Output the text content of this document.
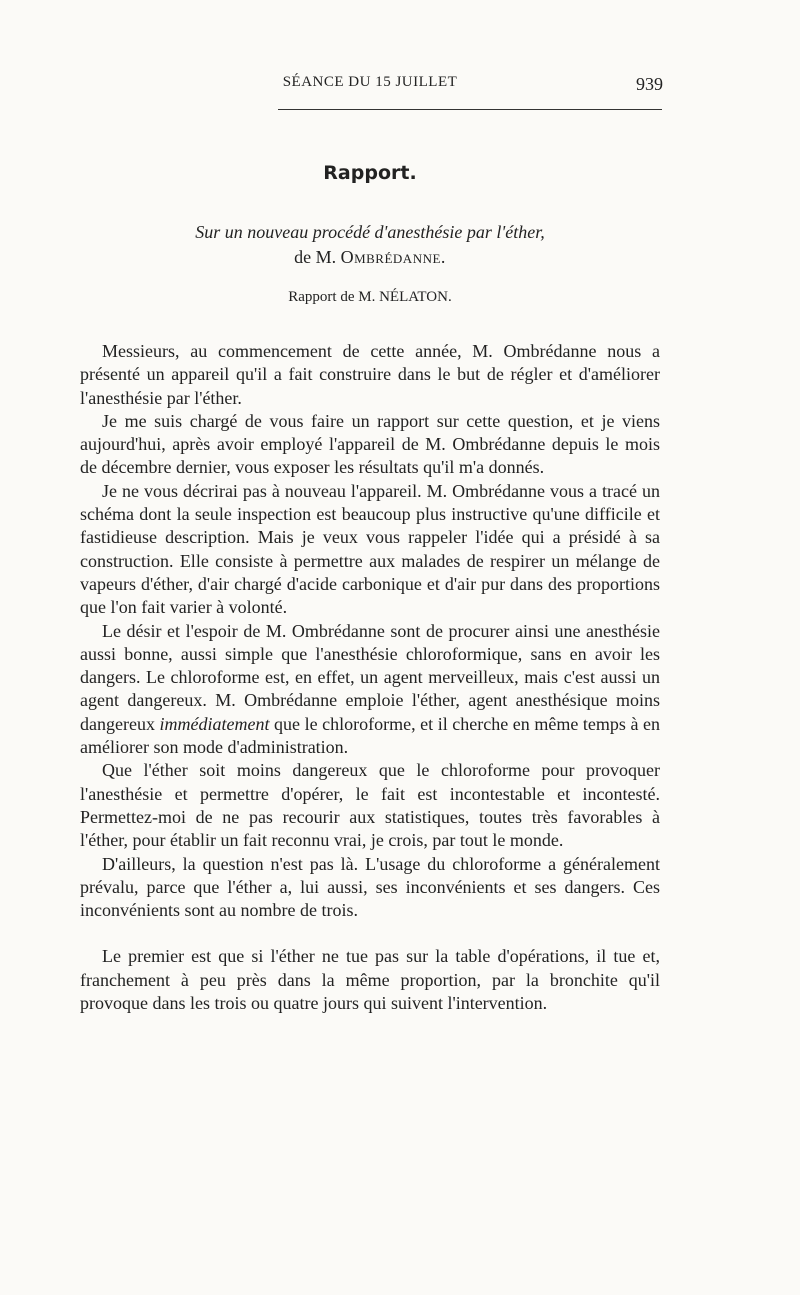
SÉANCE DU 15 JUILLET	939
Rapport.
Sur un nouveau procédé d'anesthésie par l'éther,
de M. Ombrédanne.
Rapport de M. NÉLATON.

Messieurs, au commencement de cette année, M. Ombrédanne nous a présenté un appareil qu'il a fait construire dans le but de régler et d'améliorer l'anesthésie par l'éther.

Je me suis chargé de vous faire un rapport sur cette question, et je viens aujourd'hui, après avoir employé l'appareil de M. Ombrédanne depuis le mois de décembre dernier, vous exposer les résultats qu'il m'a donnés.

Je ne vous décrirai pas à nouveau l'appareil. M. Ombrédanne vous a tracé un schéma dont la seule inspection est beaucoup plus instructive qu'une difficile et fastidieuse description. Mais je veux vous rappeler l'idée qui a présidé à sa construction. Elle consiste à permettre aux malades de respirer un mélange de vapeurs d'éther, d'air chargé d'acide carbonique et d'air pur dans des proportions que l'on fait varier à volonté.

Le désir et l'espoir de M. Ombrédanne sont de procurer ainsi une anesthésie aussi bonne, aussi simple que l'anesthésie chloroformique, sans en avoir les dangers. Le chloroforme est, en effet, un agent merveilleux, mais c'est aussi un agent dangereux. M. Ombrédanne emploie l'éther, agent anesthésique moins dangereux immédiatement que le chloroforme, et il cherche en même temps à en améliorer son mode d'administration.

Que l'éther soit moins dangereux que le chloroforme pour provoquer l'anesthésie et permettre d'opérer, le fait est incontestable et incontesté. Permettez-moi de ne pas recourir aux statistiques, toutes très favorables à l'éther, pour établir un fait reconnu vrai, je crois, par tout le monde.

D'ailleurs, la question n'est pas là. L'usage du chloroforme a généralement prévalu, parce que l'éther a, lui aussi, ses inconvénients et ses dangers. Ces inconvénients sont au nombre de trois.

Le premier est que si l'éther ne tue pas sur la table d'opérations, il tue et, franchement à peu près dans la même proportion, par la bronchite qu'il provoque dans les trois ou quatre jours qui suivent l'intervention.
